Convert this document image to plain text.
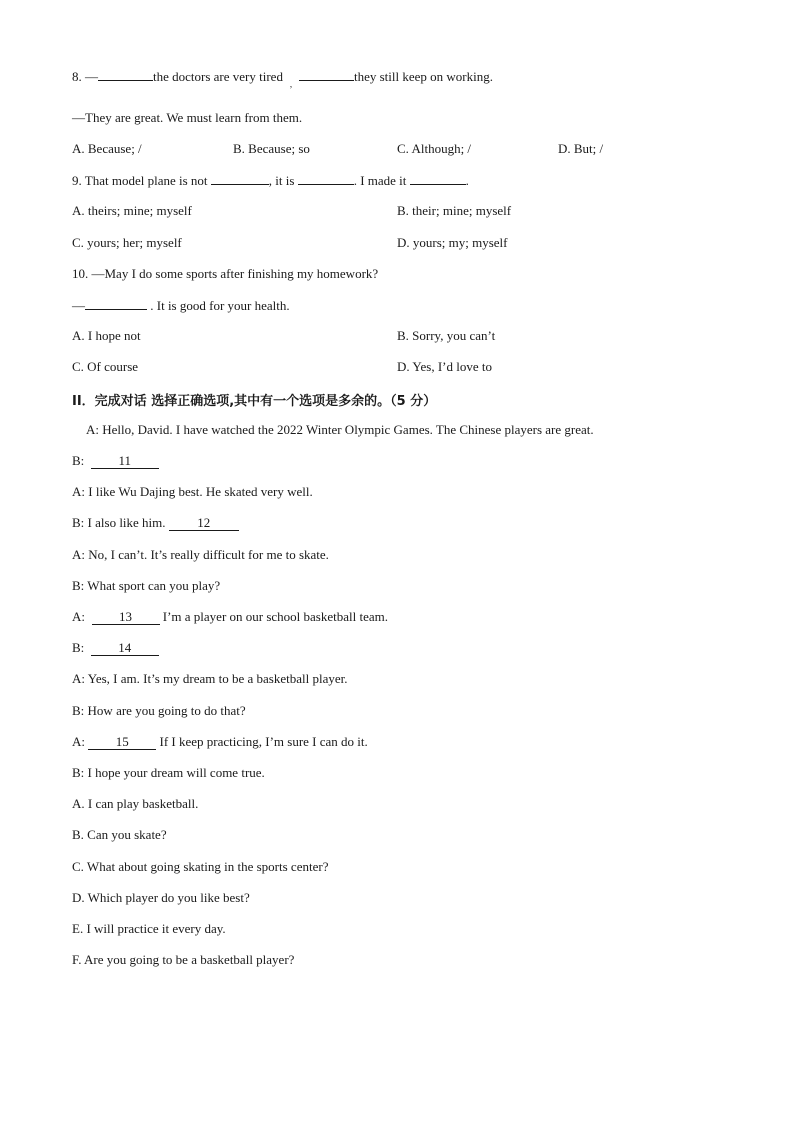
8. —	the doctors are very tired ,	they still keep on working.
—They are great. We must learn from them.
A. Because; /	B. Because; so	C. Although; /	D. But; /
9. That model plane is not	, it is	. I made it	.
A. theirs; mine; myself	B. their; mine; myself
C. yours; her; myself	D. yours; my; myself
10. —May I do some sports after finishing my homework?
—	. It is good for your health.
A. I hope not	B. Sorry, you can’t
C. Of course	D. Yes, I’d love to
II．完成对话 选择正确选项,其中有一个选项是多余的。（5 分）
A: Hello, David. I have watched the 2022 Winter Olympic Games. The Chinese players are great.
B:	11
A: I like Wu Dajing best. He skated very well.
B: I also like him. 12
A: No, I can’t. It’s really difficult for me to skate.
B: What sport can you play?
A:	13 I’m a player on our school basketball team.
B:	14
A: Yes, I am. It’s my dream to be a basketball player.
B: How are you going to do that?
A: 15 If I keep practicing, I’m sure I can do it.
B: I hope your dream will come true.
A. I can play basketball.
B. Can you skate?
C. What about going skating in the sports center?
D. Which player do you like best?
E. I will practice it every day.
F. Are you going to be a basketball player?
